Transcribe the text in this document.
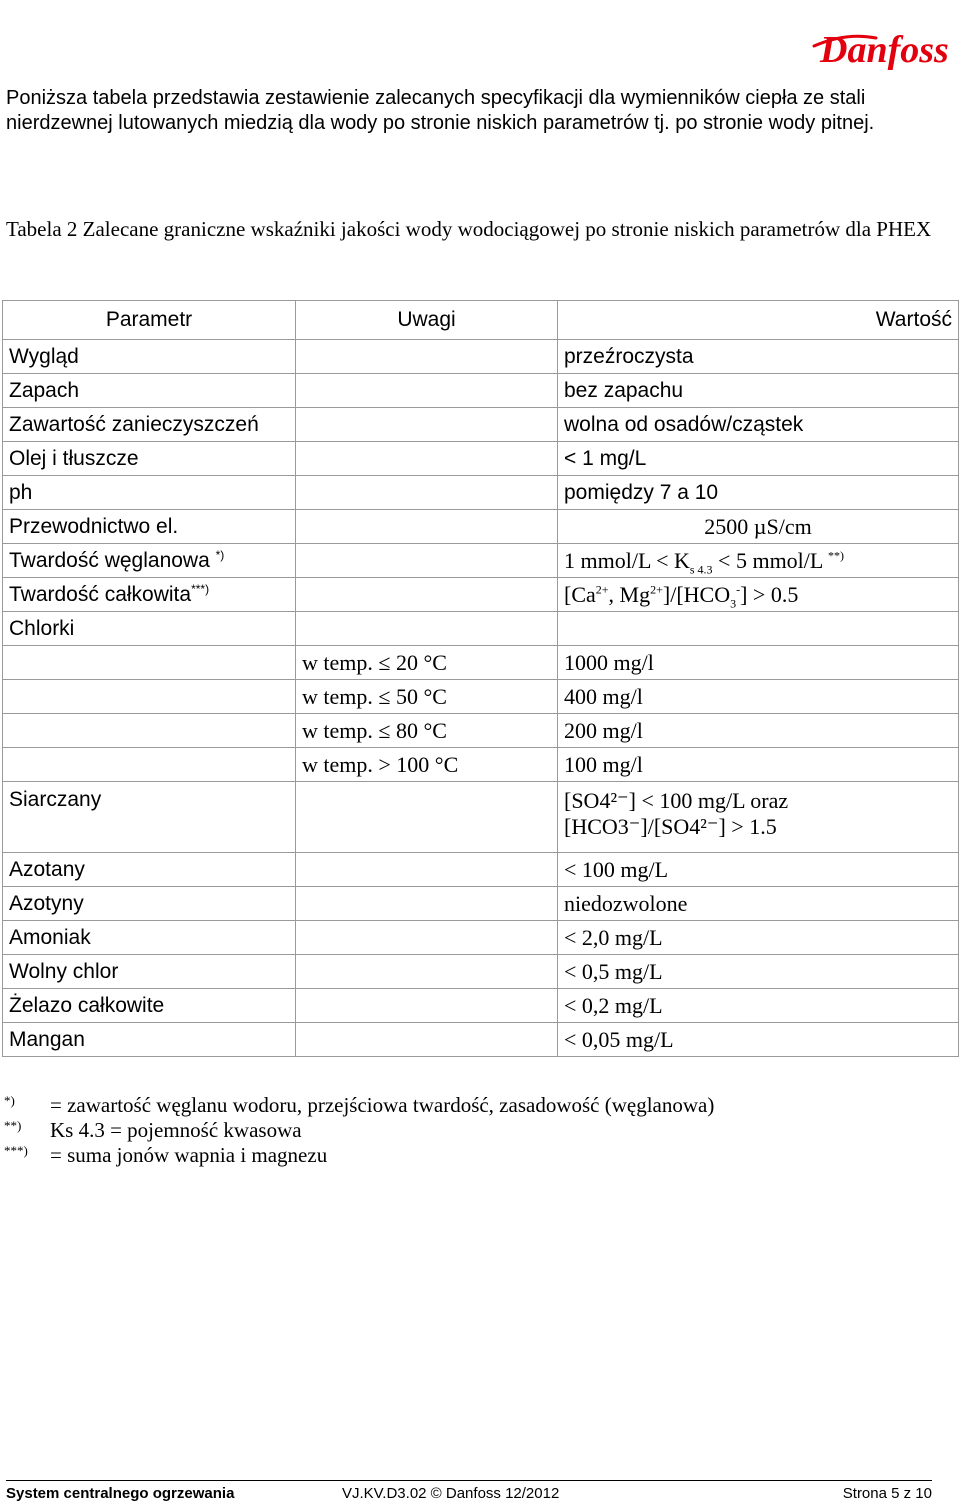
Danfoss

Poniższa tabela przedstawia zestawienie zalecanych specyfikacji dla wymienników ciepła ze stali nierdzewnej lutowanych miedzią dla wody po stronie niskich parametrów tj. po stronie wody pitnej.

Tabela 2 Zalecane graniczne wskaźniki jakości wody wodociągowej po stronie niskich parametrów dla PHEX

Parametr	Uwagi	Wartość
Wygląd		przeźroczysta
Zapach		bez zapachu
Zawartość zanieczyszczeń		wolna od osadów/cząstek
Olej i tłuszcze		< 1 mg/L
ph		pomiędzy 7 a 10
Przewodnictwo el.		2500 µS/cm
Twardość węglanowa *)		1 mmol/L < $K_{s 4.3} < 5$ mmol/L **)
Twardość całkowita***)		[$Ca^{2+}$, $Mg^{2+}]/[HCO_3^-] > 0.5$
Chlorki		
	w temp. ≤ 20 °C	1000 mg/l
	w temp. ≤ 50 °C	400 mg/l
	w temp. ≤ 80 °C	200 mg/l
	w temp. > 100 °C	100 mg/l
Siarczany		[SO4²⁻] < 100 mg/L oraz
[HCO3⁻]/[SO4²⁻] > 1.5

Azotany		< 100 mg/L
Azotyny		niedozwolone
Amoniak		< 2,0 mg/L
Wolny chlor		< 0,5 mg/L
Żelazo całkowite		< 0,2 mg/L
Mangan		< 0,05 mg/L
*)	= zawartość węglanu wodoru, przejściowa twardość, zasadowość (węglanowa)
**)	Ks 4.3 = pojemność kwasowa
***)	= suma jonów wapnia i magnezu
System centralnego ogrzewania	VJ.KV.D3.02 © Danfoss 12/2012	Strona 5 z 10
